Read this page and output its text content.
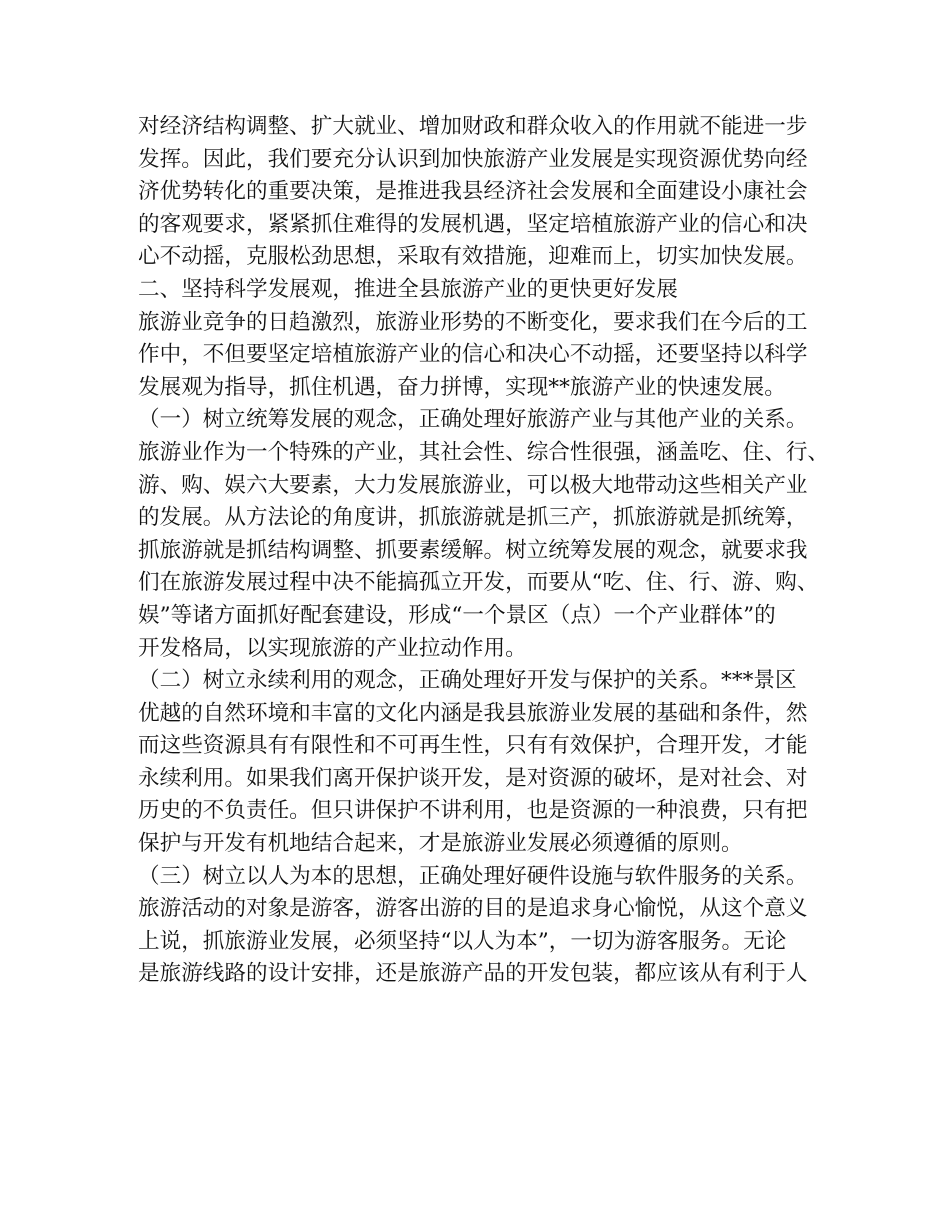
对经济结构调整、扩大就业、增加财政和群众收入的作用就不能进一步
发挥。因此，我们要充分认识到加快旅游产业发展是实现资源优势向经
济优势转化的重要决策，是推进我县经济社会发展和全面建设小康社会
的客观要求，紧紧抓住难得的发展机遇，坚定培植旅游产业的信心和决
心不动摇，克服松劲思想，采取有效措施，迎难而上，切实加快发展。
二、坚持科学发展观，推进全县旅游产业的更快更好发展
旅游业竞争的日趋激烈，旅游业形势的不断变化，要求我们在今后的工
作中，不但要坚定培植旅游产业的信心和决心不动摇，还要坚持以科学
发展观为指导，抓住机遇，奋力拼博，实现**旅游产业的快速发展。
（一）树立统筹发展的观念，正确处理好旅游产业与其他产业的关系。
旅游业作为一个特殊的产业，其社会性、综合性很强，涵盖吃、住、行、
游、购、娱六大要素，大力发展旅游业，可以极大地带动这些相关产业
的发展。从方法论的角度讲，抓旅游就是抓三产，抓旅游就是抓统筹，
抓旅游就是抓结构调整、抓要素缓解。树立统筹发展的观念，就要求我
们在旅游发展过程中决不能搞孤立开发，而要从“吃、住、行、游、购、
娱”等诸方面抓好配套建设，形成“一个景区（点）一个产业群体”的
开发格局，以实现旅游的产业拉动作用。
（二）树立永续利用的观念，正确处理好开发与保护的关系。***景区
优越的自然环境和丰富的文化内涵是我县旅游业发展的基础和条件，然
而这些资源具有有限性和不可再生性，只有有效保护，合理开发，才能
永续利用。如果我们离开保护谈开发，是对资源的破坏，是对社会、对
历史的不负责任。但只讲保护不讲利用，也是资源的一种浪费，只有把
保护与开发有机地结合起来，才是旅游业发展必须遵循的原则。
（三）树立以人为本的思想，正确处理好硬件设施与软件服务的关系。
旅游活动的对象是游客，游客出游的目的是追求身心愉悦，从这个意义
上说，抓旅游业发展，必须坚持“以人为本”，一切为游客服务。无论
是旅游线路的设计安排，还是旅游产品的开发包装，都应该从有利于人
